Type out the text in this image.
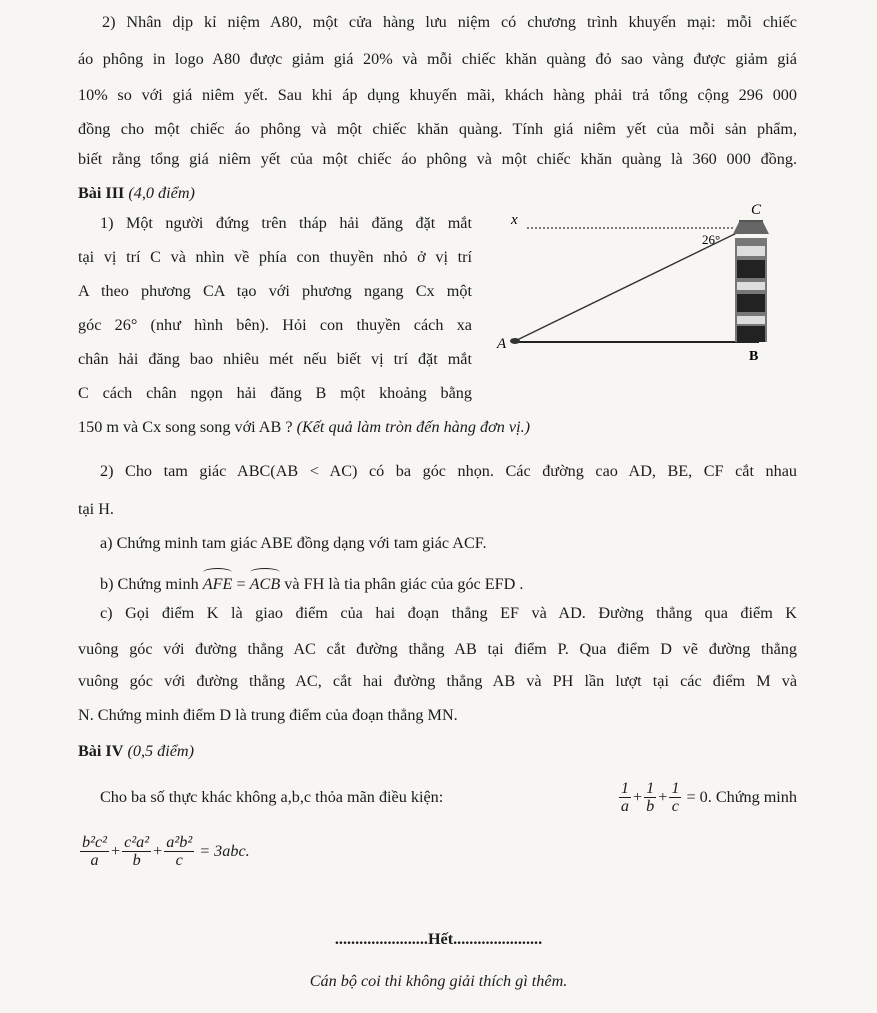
2) Nhân dịp kỉ niệm A80, một cửa hàng lưu niệm có chương trình khuyến mại: mỗi chiếc
áo phông in logo A80 được giảm giá 20% và mỗi chiếc khăn quàng đỏ sao vàng được giảm giá
10% so với giá niêm yết. Sau khi áp dụng khuyến mãi, khách hàng phải trả tổng cộng 296 000
đồng cho một chiếc áo phông và một chiếc khăn quàng. Tính giá niêm yết của mỗi sản phẩm,
biết rằng tổng giá niêm yết của một chiếc áo phông và một chiếc khăn quàng là 360 000 đồng.
Bài III (4,0 điểm)
1) Một người đứng trên tháp hải đăng đặt mắt
tại vị trí C và nhìn về phía con thuyền nhỏ ở vị trí
A theo phương CA tạo với phương ngang Cx một
góc 26° (như hình bên). Hỏi con thuyền cách xa
chân hải đăng bao nhiêu mét nếu biết vị trí đặt mắt
C cách chân ngọn hải đăng B một khoảng bằng
150 m và Cx song song với AB ? (Kết quả làm tròn đến hàng đơn vị.)
x
C
26°
A
B
2) Cho tam giác ABC(AB < AC) có ba góc nhọn. Các đường cao AD, BE, CF cắt nhau
tại H.
a) Chứng minh tam giác ABE đồng dạng với tam giác ACF.
b) Chứng minh AFE = ACB và FH là tia phân giác của góc EFD .
c) Gọi điểm K là giao điểm của hai đoạn thẳng EF và AD. Đường thẳng qua điểm K
vuông góc với đường thẳng AC cắt đường thẳng AB tại điểm P. Qua điểm D vẽ đường thẳng
vuông góc với đường thẳng AC, cắt hai đường thẳng AB và PH lần lượt tại các điểm M và
N. Chứng minh điểm D là trung điểm của đoạn thẳng MN.
Bài IV (0,5 điểm)
Cho ba số thực khác không a,b,c thỏa mãn điều kiện:	$\frac{1}{a} + \frac{1}{b} + \frac{1}{c} = 0$ . Chứng minh
$\frac{\text{b²c²}}{a} + \frac{\text{c²a²}}{b} + \frac{\text{a²b²}}{c} = 3abc$.
.......................Hết......................
Cán bộ coi thi không giải thích gì thêm.
